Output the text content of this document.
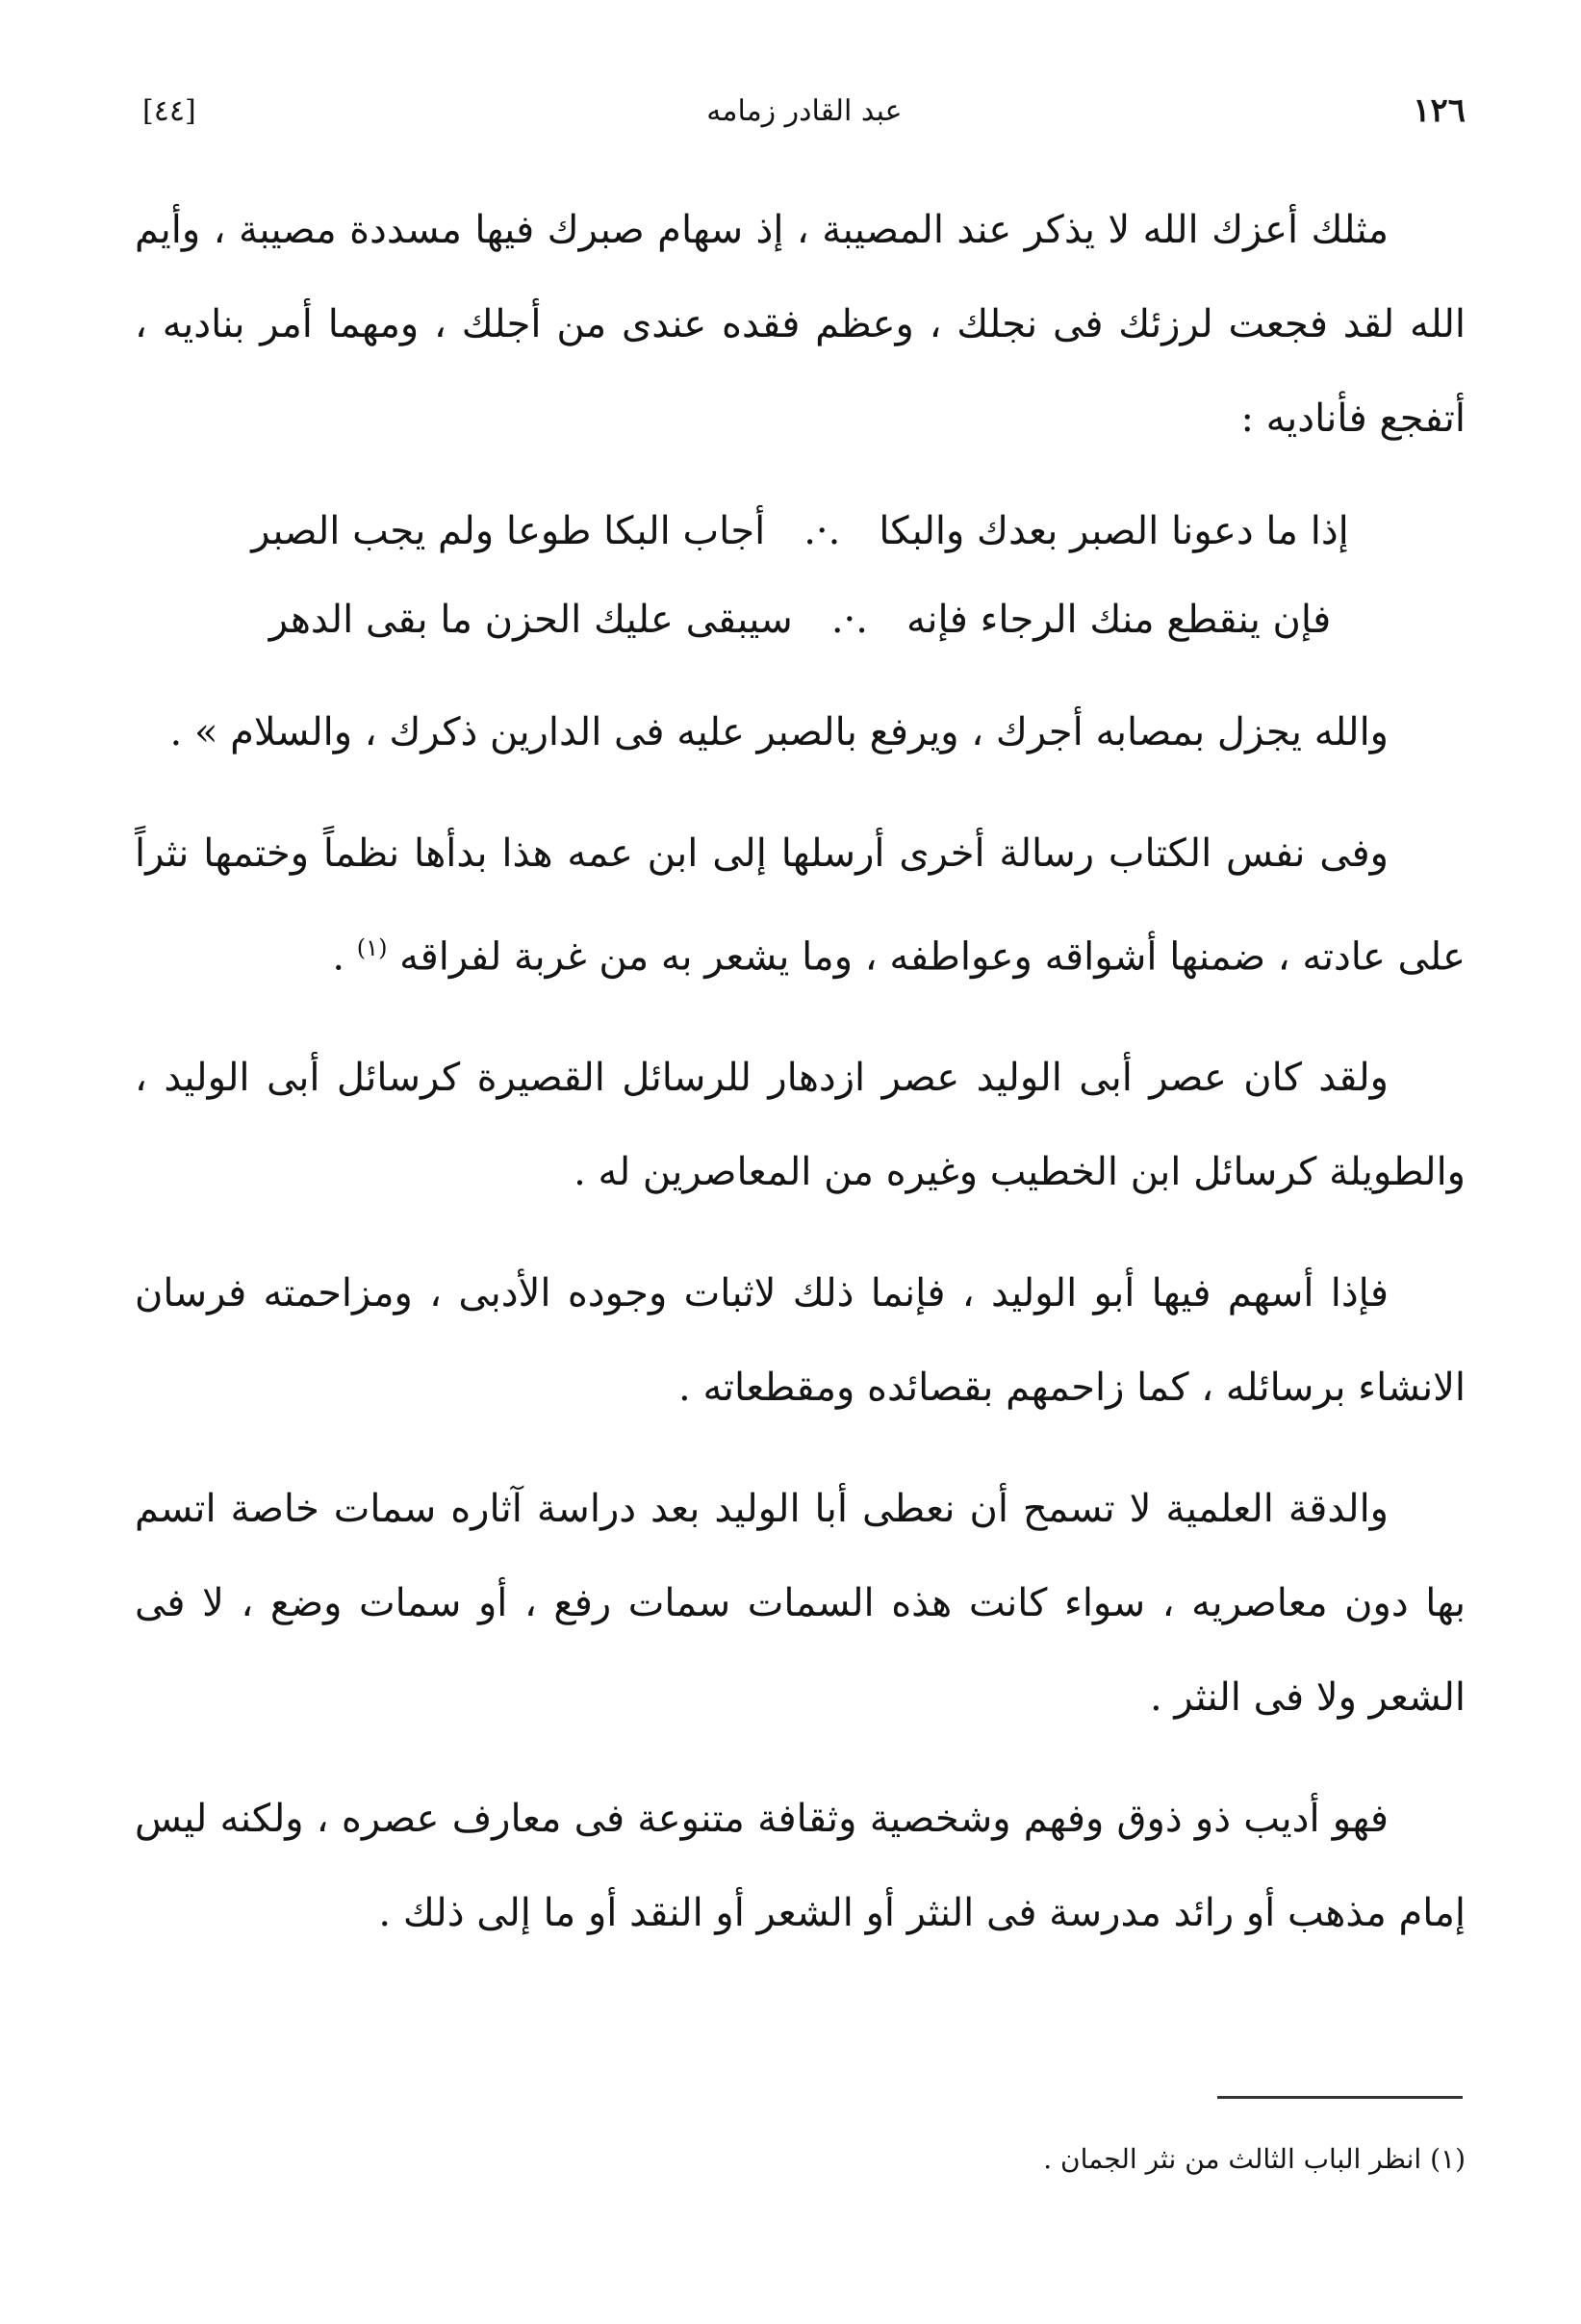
[٤٤]	عبد القادر زمامه	١٢٦

مثلك أعزك الله لا يذكر عند المصيبة ، إذ سهام صبرك فيها مسددة مصيبة ، وأيم الله لقد فجعت لرزئك فى نجلك ، وعظم فقده عندى من أجلك ، ومهما أمر بناديه ، أتفجع فأناديه :

إذا ما دعونا الصبر بعدك والبكا
.·.
أجاب البكا طوعا ولم يجب الصبر
فإن ينقطع منك الرجاء فإنه
.·.
سيبقى عليك الحزن ما بقى الدهر

والله يجزل بمصابه أجرك ، ويرفع بالصبر عليه فى الدارين ذكرك ، والسلام » .

وفى نفس الكتاب رسالة أخرى أرسلها إلى ابن عمه هذا بدأها نظماً وختمها نثراً على عادته ، ضمنها أشواقه وعواطفه ، وما يشعر به من غربة لفراقه $^{(١)}$ .

ولقد كان عصر أبى الوليد عصر ازدهار للرسائل القصيرة كرسائل أبى الوليد ، والطويلة كرسائل ابن الخطيب وغيره من المعاصرين له .

فإذا أسهم فيها أبو الوليد ، فإنما ذلك لاثبات وجوده الأدبى ، ومزاحمته فرسان الانشاء برسائله ، كما زاحمهم بقصائده ومقطعاته .

والدقة العلمية لا تسمح أن نعطى أبا الوليد بعد دراسة آثاره سمات خاصة اتسم بها دون معاصريه ، سواء كانت هذه السمات سمات رفع ، أو سمات وضع ، لا فى الشعر ولا فى النثر .

فهو أديب ذو ذوق وفهم وشخصية وثقافة متنوعة فى معارف عصره ، ولكنه ليس إمام مذهب أو رائد مدرسة فى النثر أو الشعر أو النقد أو ما إلى ذلك .

(١) انظر الباب الثالث من نثر الجمان .
